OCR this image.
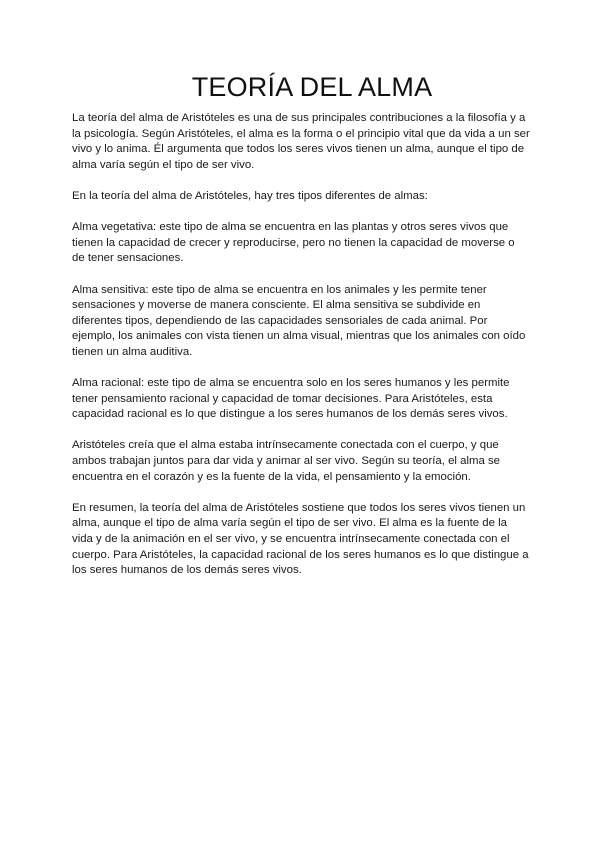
TEORÍA DEL ALMA

La teoría del alma de Aristóteles es una de sus principales contribuciones a la filosofía y a la psicología. Según Aristóteles, el alma es la forma o el principio vital que da vida a un ser vivo y lo anima. Él argumenta que todos los seres vivos tienen un alma, aunque el tipo de alma varía según el tipo de ser vivo.

En la teoría del alma de Aristóteles, hay tres tipos diferentes de almas:

Alma vegetativa: este tipo de alma se encuentra en las plantas y otros seres vivos que tienen la capacidad de crecer y reproducirse, pero no tienen la capacidad de moverse o de tener sensaciones.

Alma sensitiva: este tipo de alma se encuentra en los animales y les permite tener sensaciones y moverse de manera consciente. El alma sensitiva se subdivide en diferentes tipos, dependiendo de las capacidades sensoriales de cada animal. Por ejemplo, los animales con vista tienen un alma visual, mientras que los animales con oído tienen un alma auditiva.

Alma racional: este tipo de alma se encuentra solo en los seres humanos y les permite tener pensamiento racional y capacidad de tomar decisiones. Para Aristóteles, esta capacidad racional es lo que distingue a los seres humanos de los demás seres vivos.

Aristóteles creía que el alma estaba intrínsecamente conectada con el cuerpo, y que ambos trabajan juntos para dar vida y animar al ser vivo. Según su teoría, el alma se encuentra en el corazón y es la fuente de la vida, el pensamiento y la emoción.

En resumen, la teoría del alma de Aristóteles sostiene que todos los seres vivos tienen un alma, aunque el tipo de alma varía según el tipo de ser vivo. El alma es la fuente de la vida y de la animación en el ser vivo, y se encuentra intrínsecamente conectada con el cuerpo. Para Aristóteles, la capacidad racional de los seres humanos es lo que distingue a los seres humanos de los demás seres vivos.
